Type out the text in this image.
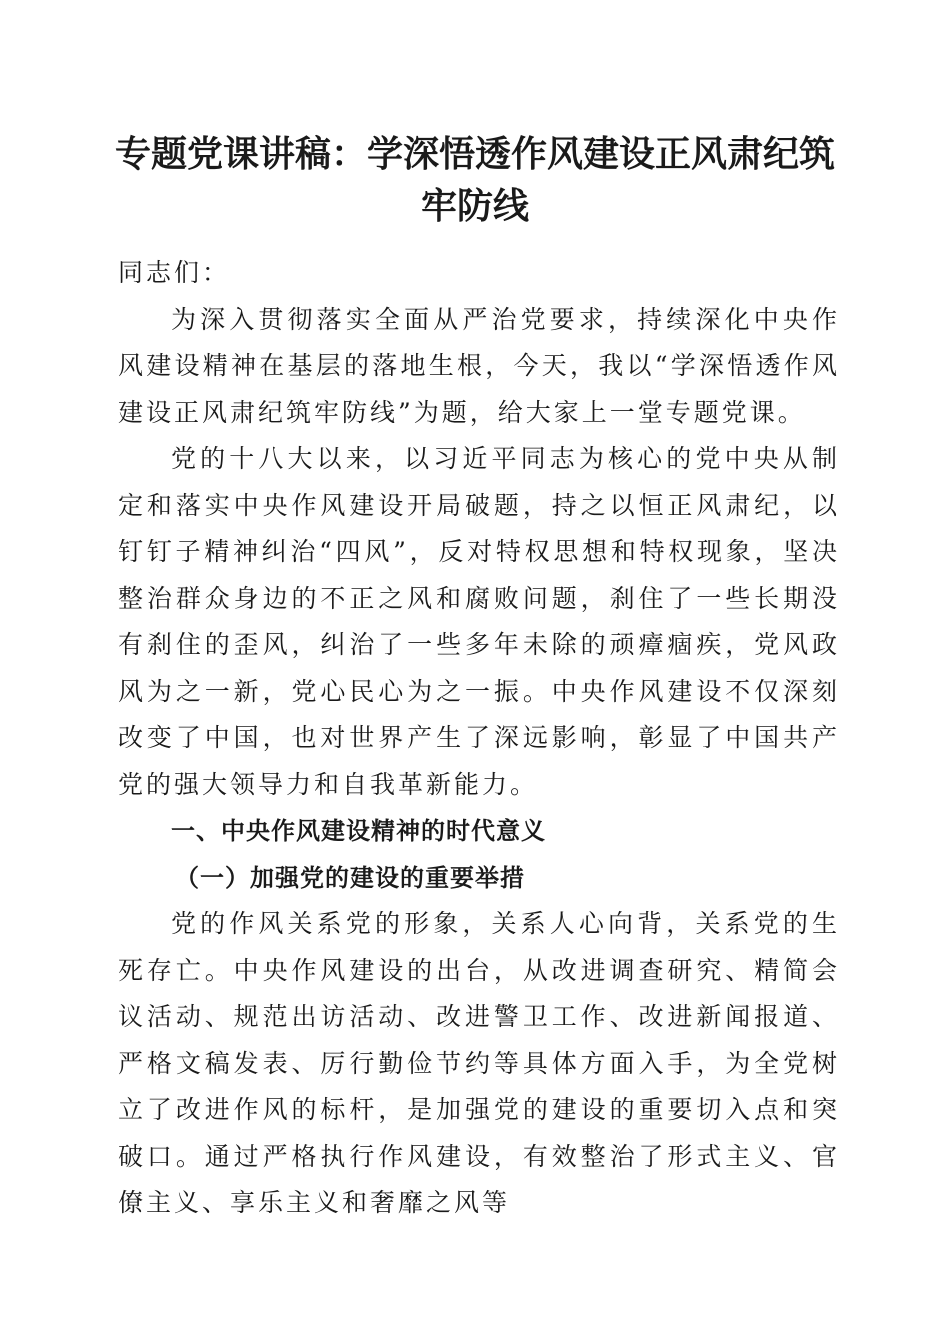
专题党课讲稿：学深悟透作风建设正风肃纪筑
牢防线

同志们：

为深入贯彻落实全面从严治党要求，持续深化中央作风建设精神在基层的落地生根，今天，我以“学深悟透作风建设正风肃纪筑牢防线”为题，给大家上一堂专题党课。

党的十八大以来，以习近平同志为核心的党中央从制定和落实中央作风建设开局破题，持之以恒正风肃纪，以钉钉子精神纠治“四风”，反对特权思想和特权现象，坚决整治群众身边的不正之风和腐败问题，刹住了一些长期没有刹住的歪风，纠治了一些多年未除的顽瘴痼疾，党风政风为之一新，党心民心为之一振。中央作风建设不仅深刻改变了中国，也对世界产生了深远影响，彰显了中国共产党的强大领导力和自我革新能力。

一、中央作风建设精神的时代意义

（一）加强党的建设的重要举措

党的作风关系党的形象，关系人心向背，关系党的生死存亡。中央作风建设的出台，从改进调查研究、精简会议活动、规范出访活动、改进警卫工作、改进新闻报道、严格文稿发表、厉行勤俭节约等具体方面入手，为全党树立了改进作风的标杆，是加强党的建设的重要切入点和突破口。通过严格执行作风建设，有效整治了形式主义、官僚主义、享乐主义和奢靡之风等
